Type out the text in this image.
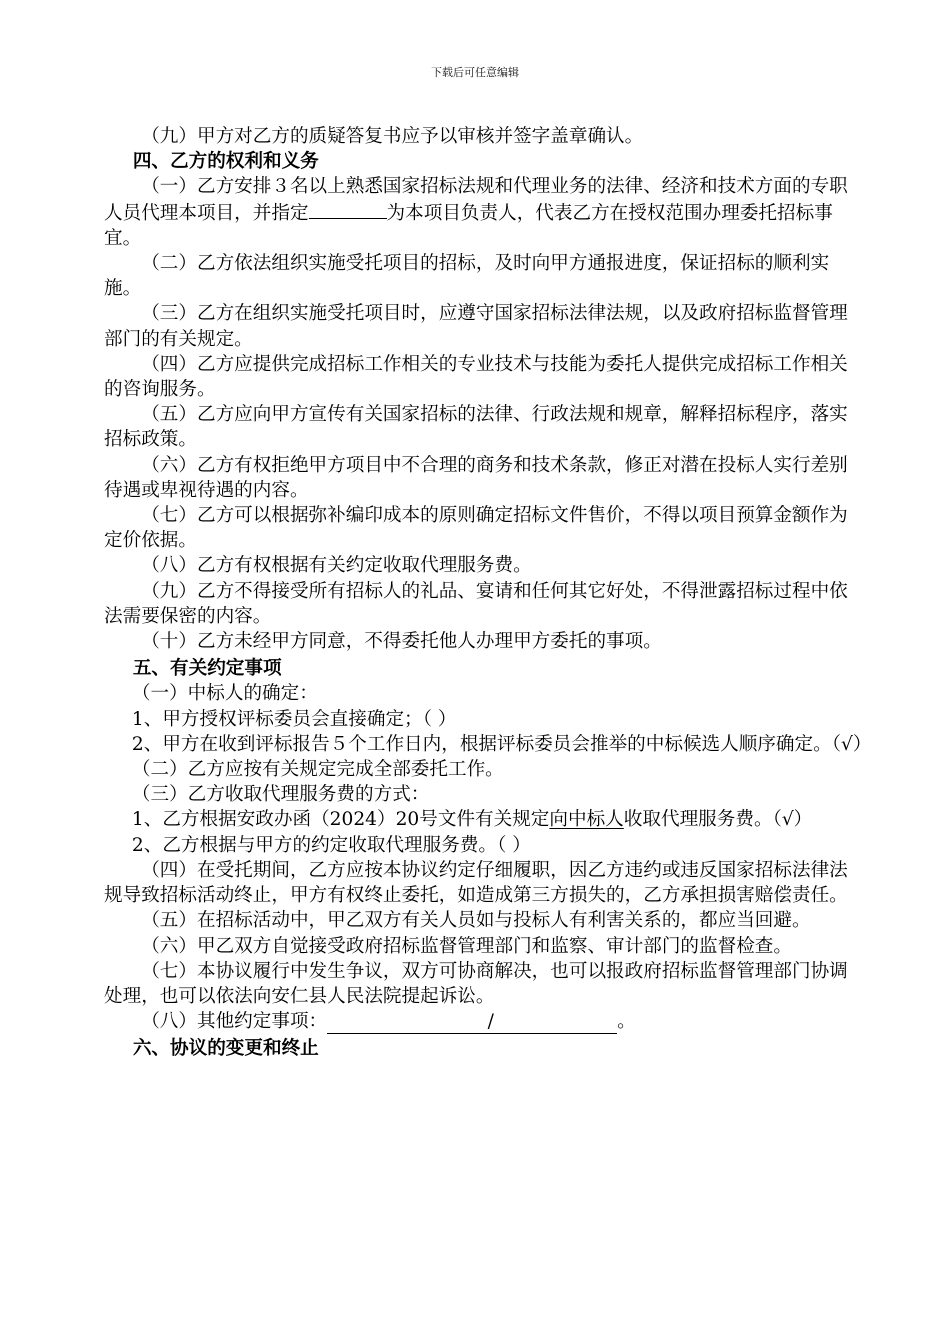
下载后可任意编辑

（九）甲方对乙方的质疑答复书应予以审核并签字盖章确认。

四、乙方的权利和义务

（一）乙方安排３名以上熟悉国家招标法规和代理业务的法律、经济和技术方面的专职人员代理本项目，并指定	为本项目负责人，代表乙方在授权范围办理委托招标事宜。

（二）乙方依法组织实施受托项目的招标，及时向甲方通报进度，保证招标的顺利实施。

（三）乙方在组织实施受托项目时，应遵守国家招标法律法规，以及政府招标监督管理部门的有关规定。

（四）乙方应提供完成招标工作相关的专业技术与技能为委托人提供完成招标工作相关的咨询服务。

（五）乙方应向甲方宣传有关国家招标的法律、行政法规和规章，解释招标程序，落实招标政策。

（六）乙方有权拒绝甲方项目中不合理的商务和技术条款，修正对潜在投标人实行差别待遇或卑视待遇的内容。

（七）乙方可以根据弥补编印成本的原则确定招标文件售价，不得以项目预算金额作为定价依据。

（八）乙方有权根据有关约定收取代理服务费。

（九）乙方不得接受所有招标人的礼品、宴请和任何其它好处，不得泄露招标过程中依法需要保密的内容。

（十）乙方未经甲方同意，不得委托他人办理甲方委托的事项。

五、有关约定事项

（一）中标人的确定：

1、甲方授权评标委员会直接确定；（ ）

2、甲方在收到评标报告５个工作日内，根据评标委员会推举的中标候选人顺序确定。（√）

（二）乙方应按有关规定完成全部委托工作。

（三）乙方收取代理服务费的方式：

1、乙方根据安政办函（2024）20号文件有关规定向中标人收取代理服务费。（√）

2、乙方根据与甲方的约定收取代理服务费。（ ）

（四）在受托期间，乙方应按本协议约定仔细履职，因乙方违约或违反国家招标法律法规导致招标活动终止，甲方有权终止委托，如造成第三方损失的，乙方承担损害赔偿责任。

（五）在招标活动中，甲乙双方有关人员如与投标人有利害关系的，都应当回避。

（六）甲乙双方自觉接受政府招标监督管理部门和监察、审计部门的监督检查。

（七）本协议履行中发生争议，双方可协商解决，也可以报政府招标监督管理部门协调处理，也可以依法向安仁县人民法院提起诉讼。

（八）其他约定事项：	/	。

六、协议的变更和终止
